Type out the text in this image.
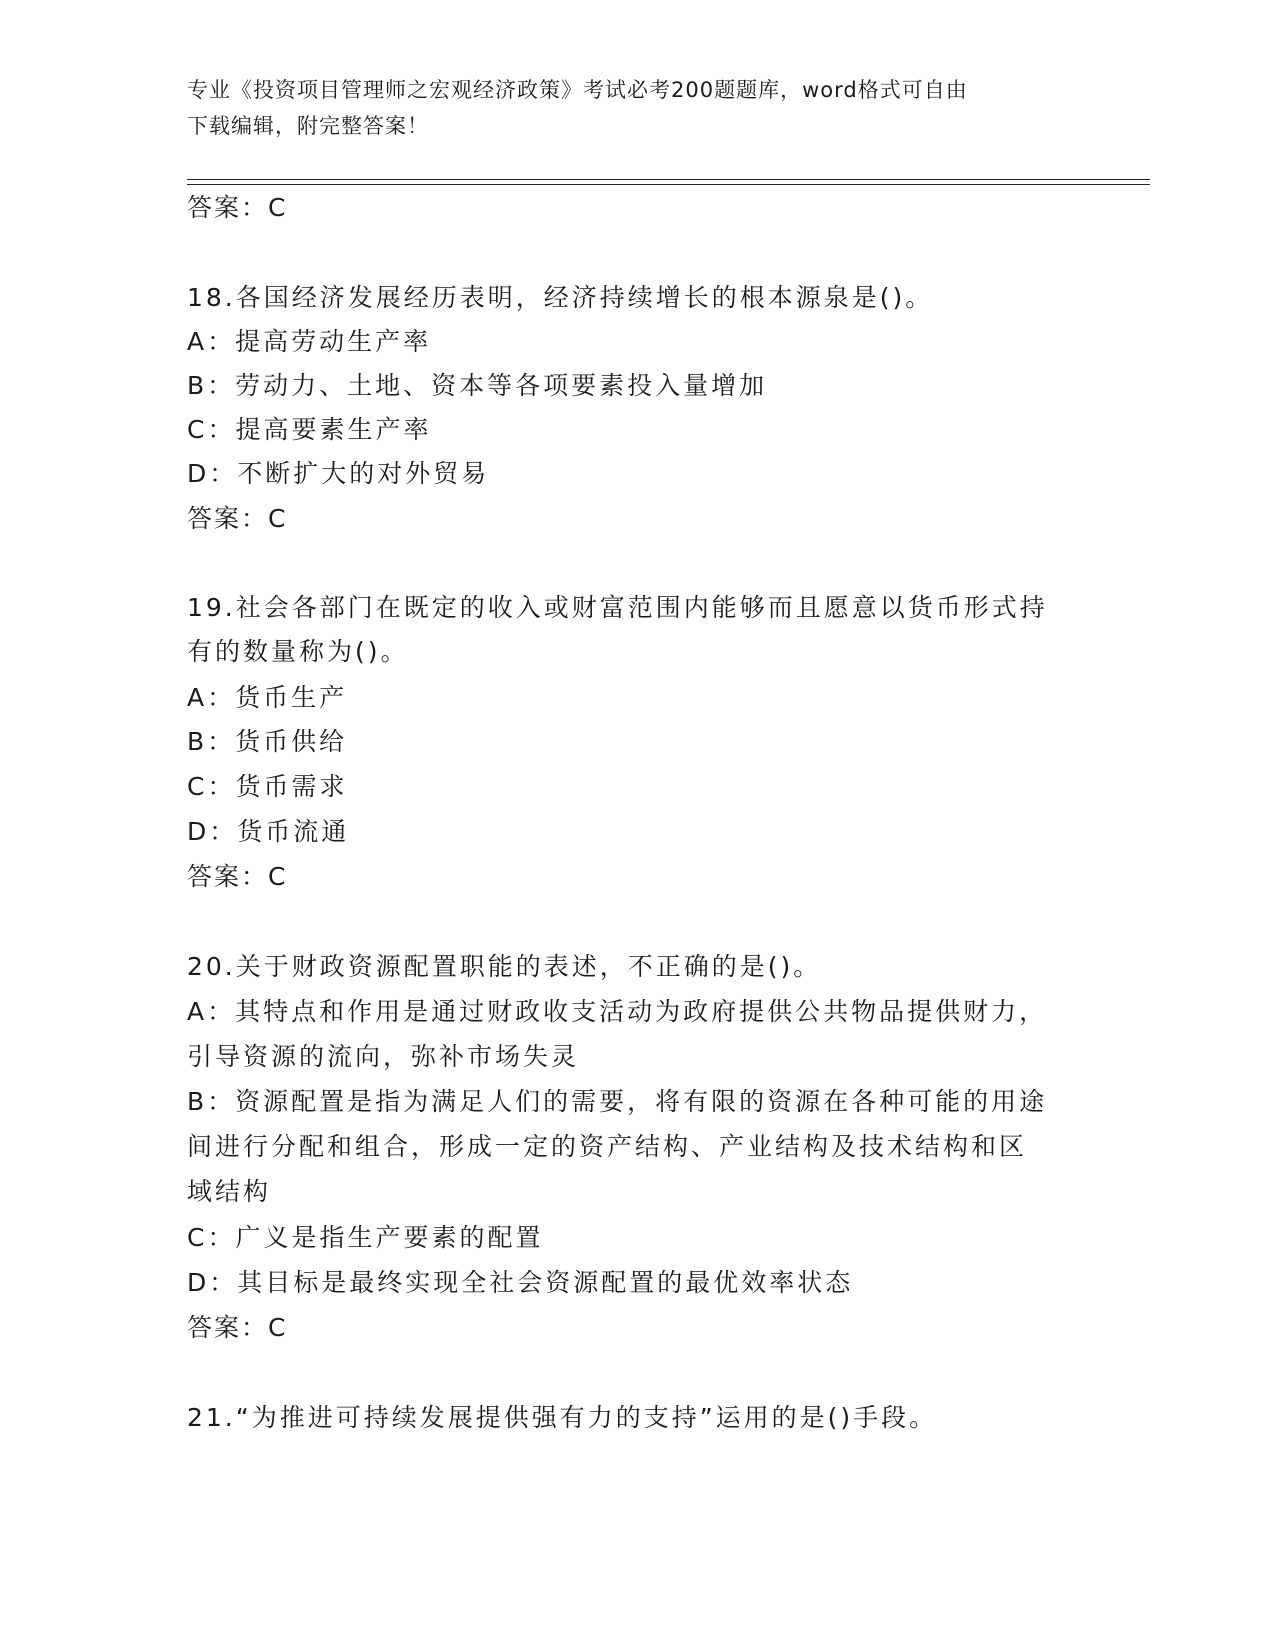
专业《投资项目管理师之宏观经济政策》考试必考200题题库，word格式可自由
下载编辑，附完整答案！
答案：C
18.各国经济发展经历表明，经济持续增长的根本源泉是()。
A：提高劳动生产率
B：劳动力、土地、资本等各项要素投入量增加
C：提高要素生产率
D：不断扩大的对外贸易
答案：C
19.社会各部门在既定的收入或财富范围内能够而且愿意以货币形式持
有的数量称为()。
A：货币生产
B：货币供给
C：货币需求
D：货币流通
答案：C
20.关于财政资源配置职能的表述，不正确的是()。
A：其特点和作用是通过财政收支活动为政府提供公共物品提供财力，
引导资源的流向，弥补市场失灵
B：资源配置是指为满足人们的需要，将有限的资源在各种可能的用途
间进行分配和组合，形成一定的资产结构、产业结构及技术结构和区
域结构
C：广义是指生产要素的配置
D：其目标是最终实现全社会资源配置的最优效率状态
答案：C
21.“为推进可持续发展提供强有力的支持”运用的是()手段。
